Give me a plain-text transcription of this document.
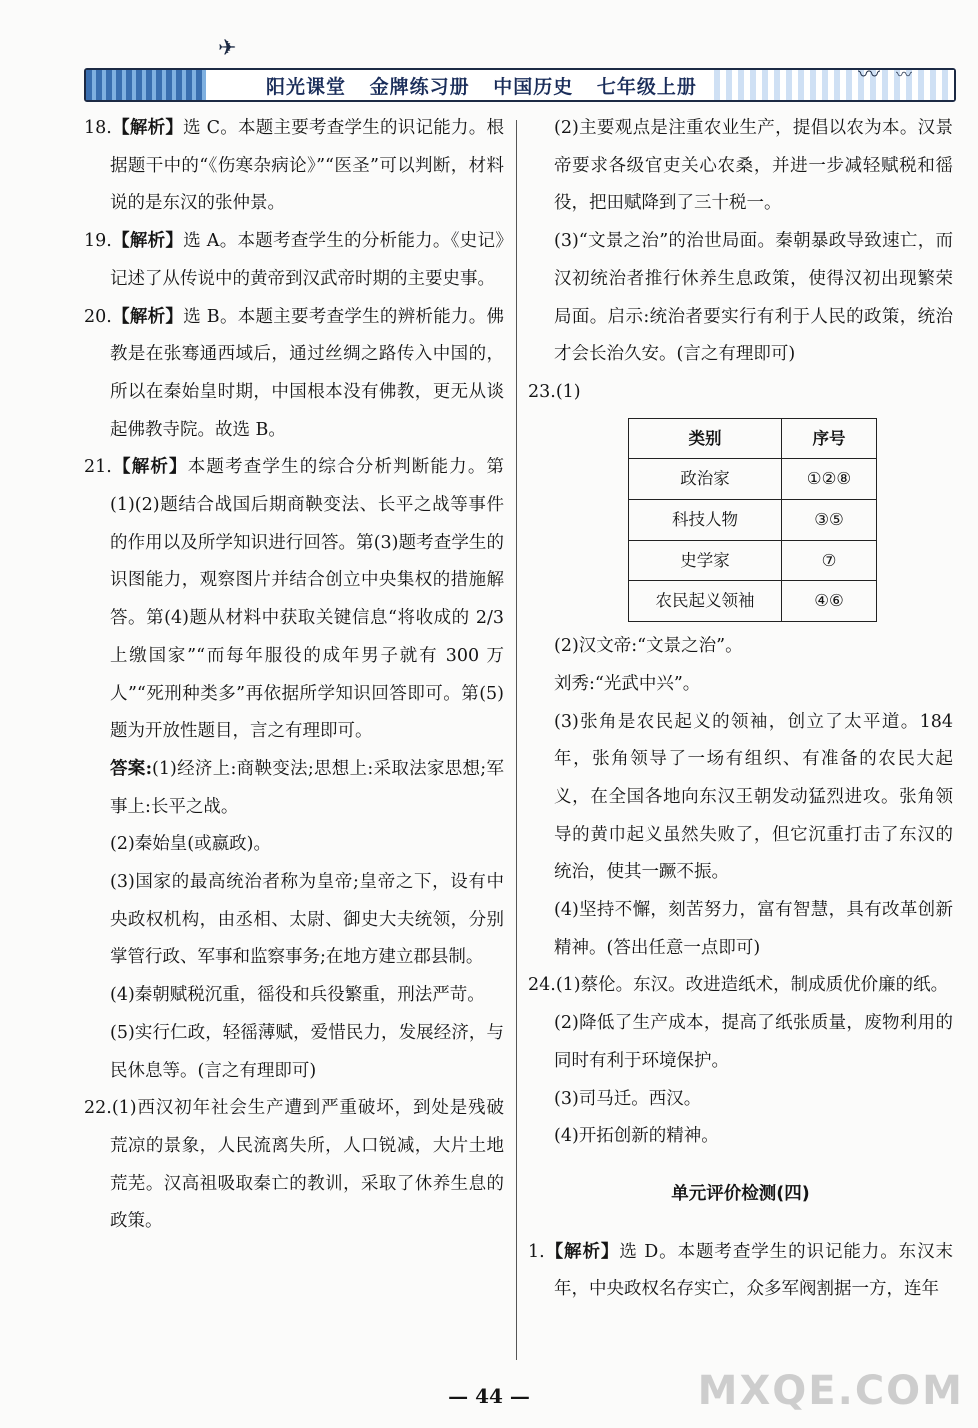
阳光课堂 金牌练习册 中国历史 七年级上册
✈
〰 〰

18.【解析】选 C。本题主要考查学生的识记能力。根据题干中的“《伤寒杂病论》”“医圣”可以判断，材料说的是东汉的张仲景。

19.【解析】选 A。本题考查学生的分析能力。《史记》记述了从传说中的黄帝到汉武帝时期的主要史事。

20.【解析】选 B。本题主要考查学生的辨析能力。佛教是在张骞通西域后，通过丝绸之路传入中国的，所以在秦始皇时期，中国根本没有佛教，更无从谈起佛教寺院。故选 B。

21.【解析】本题考查学生的综合分析判断能力。第(1)(2)题结合战国后期商鞅变法、长平之战等事件的作用以及所学知识进行回答。第(3)题考查学生的识图能力，观察图片并结合创立中央集权的措施解答。第(4)题从材料中获取关键信息“将收成的 2/3 上缴国家”“而每年服役的成年男子就有 300 万人”“死刑种类多”再依据所学知识回答即可。第(5)题为开放性题目，言之有理即可。

答案:(1)经济上:商鞅变法;思想上:采取法家思想;军事上:长平之战。

(2)秦始皇(或嬴政)。

(3)国家的最高统治者称为皇帝;皇帝之下，设有中央政权机构，由丞相、太尉、御史大夫统领，分别掌管行政、军事和监察事务;在地方建立郡县制。

(4)秦朝赋税沉重，徭役和兵役繁重，刑法严苛。

(5)实行仁政，轻徭薄赋，爱惜民力，发展经济，与民休息等。(言之有理即可)

22.(1)西汉初年社会生产遭到严重破坏，到处是残破荒凉的景象，人民流离失所，人口锐减，大片土地荒芜。汉高祖吸取秦亡的教训，采取了休养生息的政策。

(2)主要观点是注重农业生产，提倡以农为本。汉景帝要求各级官吏关心农桑，并进一步减轻赋税和徭役，把田赋降到了三十税一。

(3)“文景之治”的治世局面。秦朝暴政导致速亡，而汉初统治者推行休养生息政策，使得汉初出现繁荣局面。启示:统治者要实行有利于人民的政策，统治才会长治久安。(言之有理即可)

23.(1)

类别	序号
政治家	①②⑧
科技人物	③⑤
史学家	⑦
农民起义领袖	④⑥

(2)汉文帝:“文景之治”。

刘秀:“光武中兴”。

(3)张角是农民起义的领袖，创立了太平道。184 年，张角领导了一场有组织、有准备的农民大起义，在全国各地向东汉王朝发动猛烈进攻。张角领导的黄巾起义虽然失败了，但它沉重打击了东汉的统治，使其一蹶不振。

(4)坚持不懈，刻苦努力，富有智慧，具有改革创新精神。(答出任意一点即可)

24.(1)蔡伦。东汉。改进造纸术，制成质优价廉的纸。

(2)降低了生产成本，提高了纸张质量，废物利用的同时有利于环境保护。

(3)司马迁。西汉。

(4)开拓创新的精神。

单元评价检测(四)

1.【解析】选 D。本题考查学生的识记能力。东汉末年，中央政权名存实亡，众多军阀割据一方，连年

— 44 —	MXQE.COM
